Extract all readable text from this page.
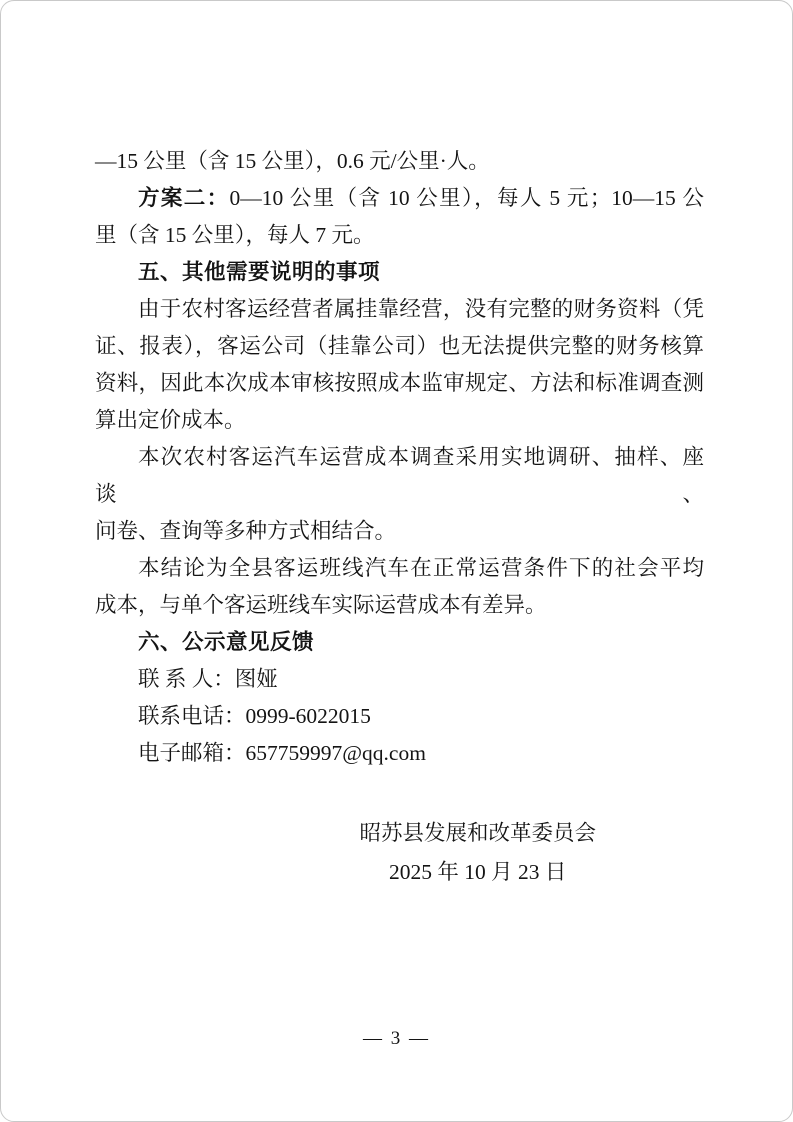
—15 公里（含 15 公里），0.6 元/公里·人。
方案二：0—10 公里（含 10 公里），每人 5 元；10—15 公
里（含 15 公里），每人 7 元。
五、其他需要说明的事项
由于农村客运经营者属挂靠经营，没有完整的财务资料（凭
证、报表），客运公司（挂靠公司）也无法提供完整的财务核算
资料，因此本次成本审核按照成本监审规定、方法和标准调查测
算出定价成本。
本次农村客运汽车运营成本调查采用实地调研、抽样、座谈、
问卷、查询等多种方式相结合。
本结论为全县客运班线汽车在正常运营条件下的社会平均
成本，与单个客运班线车实际运营成本有差异。
六、公示意见反馈
联 系 人：图娅
联系电话：0999-6022015
电子邮箱：657759997@qq.com
昭苏县发展和改革委员会
2025 年 10 月 23 日
— 3 —
